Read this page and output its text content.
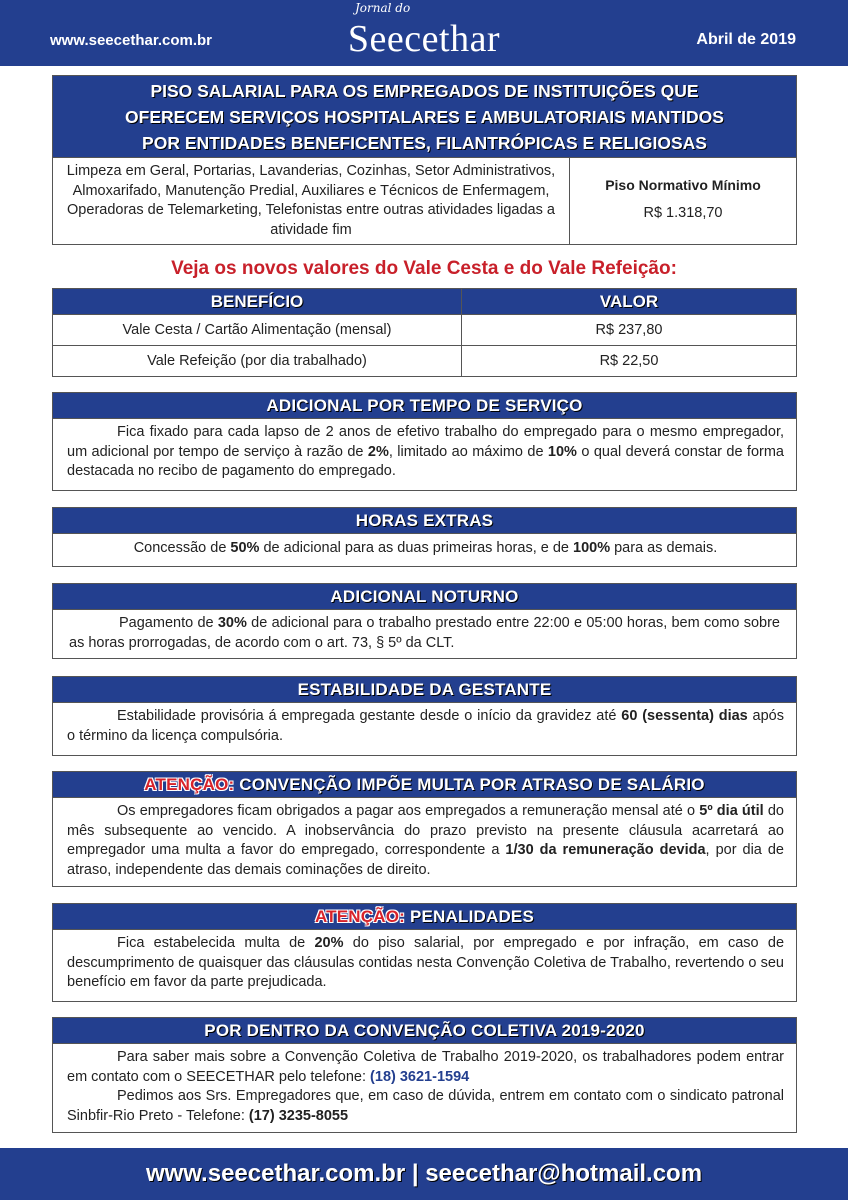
www.seecethar.com.br
Jornal do
Seecethar	Abril de 2019
PISO SALARIAL PARA OS EMPREGADOS DE INSTITUIÇÕES QUE
OFERECEM SERVIÇOS HOSPITALARES E AMBULATORIAIS MANTIDOS
POR ENTIDADES BENEFICENTES, FILANTRÓPICAS E RELIGIOSAS
Limpeza em Geral, Portarias, Lavanderias, Cozinhas, Setor Administrativos, Almoxarifado, Manutenção Predial, Auxiliares e Técnicos de Enfermagem, Operadoras de Telemarketing, Telefonistas entre outras atividades ligadas a atividade fim
Piso Normativo Mínimo
R$ 1.318,70
Veja os novos valores do Vale Cesta e do Vale Refeição:
BENEFÍCIO	VALOR
Vale Cesta / Cartão Alimentação (mensal)	R$ 237,80
Vale Refeição (por dia trabalhado)	R$ 22,50
ADICIONAL POR TEMPO DE SERVIÇO

Fica fixado para cada lapso de 2 anos de efetivo trabalho do empregado para o mesmo empregador, um adicional por tempo de serviço à razão de 2%, limitado ao máximo de 10% o qual deverá constar de forma destacada no recibo de pagamento do empregado.

HORAS EXTRAS

Concessão de 50% de adicional para as duas primeiras horas, e de 100% para as demais.

ADICIONAL NOTURNO

Pagamento de 30% de adicional para o trabalho prestado entre 22:00 e 05:00 horas, bem como sobre as horas prorrogadas, de acordo com o art. 73, § 5º da CLT.

ESTABILIDADE DA GESTANTE

Estabilidade provisória á empregada gestante desde o início da gravidez até 60 (sessenta) dias após o término da licença compulsória.

ATENÇÃO: CONVENÇÃO IMPÕE MULTA POR ATRASO DE SALÁRIO

Os empregadores ficam obrigados a pagar aos empregados a remuneração mensal até o 5º dia útil do mês subsequente ao vencido. A inobservância do prazo previsto na presente cláusula acarretará ao empregador uma multa a favor do empregado, correspondente a 1/30 da remuneração devida, por dia de atraso, independente das demais cominações de direito.

ATENÇÃO: PENALIDADES

Fica estabelecida multa de 20% do piso salarial, por empregado e por infração, em caso de descumprimento de quaisquer das cláusulas contidas nesta Convenção Coletiva de Trabalho, revertendo o seu benefício em favor da parte prejudicada.

POR DENTRO DA CONVENÇÃO COLETIVA 2019-2020

Para saber mais sobre a Convenção Coletiva de Trabalho 2019-2020, os trabalhadores podem entrar em contato com o SEECETHAR pelo telefone: (18) 3621-1594

Pedimos aos Srs. Empregadores que, em caso de dúvida, entrem em contato com o sindicato patronal Sinbfir-Rio Preto - Telefone: (17) 3235-8055

www.seecethar.com.br | seecethar@hotmail.com
